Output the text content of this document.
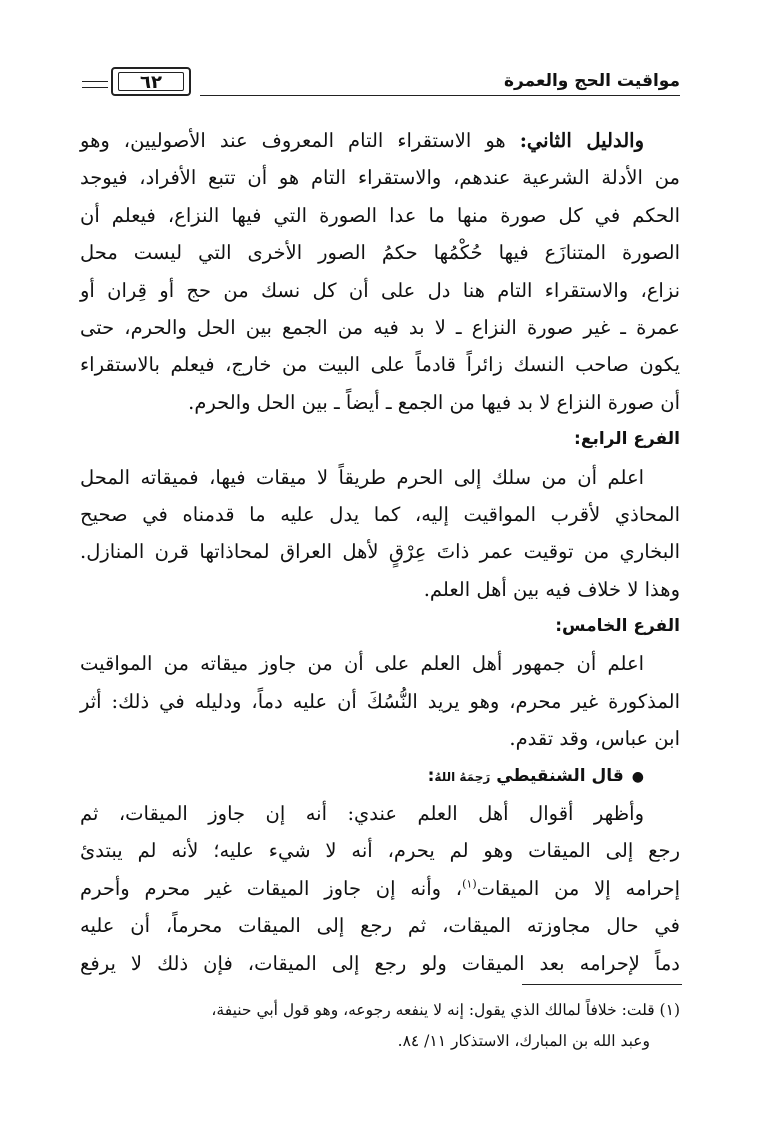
مواقيت الحج والعمرة
٦٢
والدليل الثاني: هو الاستقراء التام المعروف عند الأصوليين، وهو
من الأدلة الشرعية عندهم، والاستقراء التام هو أن تتبع الأفراد، فيوجد
الحكم في كل صورة منها ما عدا الصورة التي فيها النزاع، فيعلم أن
الصورة المتنازَع فيها حُكْمُها حكمُ الصور الأخرى التي ليست محل
نزاع، والاستقراء التام هنا دل على أن كل نسك من حج أو قِران أو
عمرة ـ غير صورة النزاع ـ لا بد فيه من الجمع بين الحل والحرم، حتى
يكون صاحب النسك زائراً قادماً على البيت من خارج، فيعلم بالاستقراء
أن صورة النزاع لا بد فيها من الجمع ـ أيضاً ـ بين الحل والحرم.
الفرع الرابع:
اعلم أن من سلك إلى الحرم طريقاً لا ميقات فيها، فميقاته المحل
المحاذي لأقرب المواقيت إليه، كما يدل عليه ما قدمناه في صحيح
البخاري من توقيت عمر ذاتَ عِرْقٍ لأهل العراق لمحاذاتها قرن المنازل.
وهذا لا خلاف فيه بين أهل العلم.
الفرع الخامس:
اعلم أن جمهور أهل العلم على أن من جاوز ميقاته من المواقيت
المذكورة غير محرم، وهو يريد النُّسُكَ أن عليه دماً، ودليله في ذلك: أثر
ابن عباس، وقد تقدم.
●قال الشنقيطي رَحِمَهُ اللهُ:
وأظهر أقوال أهل العلم عندي: أنه إن جاوز الميقات، ثم
رجع إلى الميقات وهو لم يحرم، أنه لا شيء عليه؛ لأنه لم يبتدئ
إحرامه إلا من الميقات$^{(١)}$، وأنه إن جاوز الميقات غير محرم وأحرم
في حال مجاوزته الميقات، ثم رجع إلى الميقات محرماً، أن عليه
دماً لإحرامه بعد الميقات ولو رجع إلى الميقات، فإن ذلك لا يرفع
(١) قلت: خلافاً لمالك الذي يقول: إنه لا ينفعه رجوعه، وهو قول أبي حنيفة،
وعبد الله بن المبارك، الاستذكار ١١/ ٨٤.
